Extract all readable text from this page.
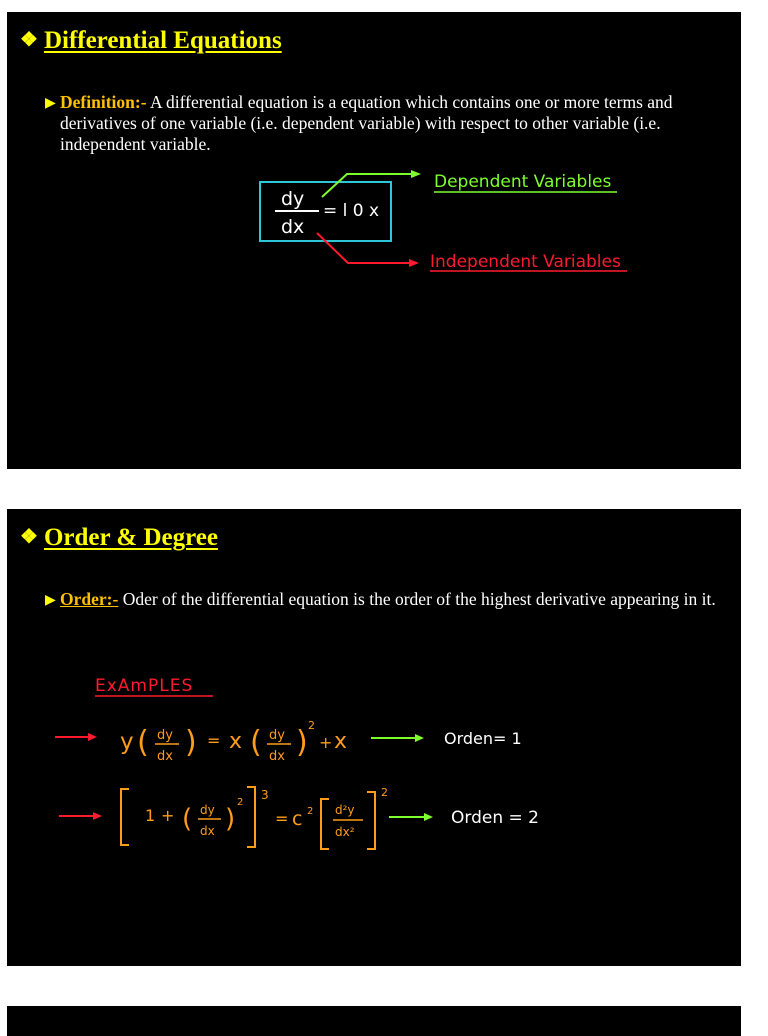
❖ Differential Equations
▶ Definition:- A differential equation is a equation which contains one or more terms and derivatives of one variable (i.e. dependent variable) with respect to other variable (i.e. independent variable.
dy
dx
= l 0 x
Dependent Variables
Independent Variables
❖ Order & Degree
▶ Order:- Oder of the differential equation is the order of the highest derivative appearing in it.
ExAmPLES
y ( dy
dx ) = x ( dy
dx ) 2
+ x	Orden= 1
1 + ( dy
dx )
2
3
= c 2 d²y
dx²
2
Orden = 2
